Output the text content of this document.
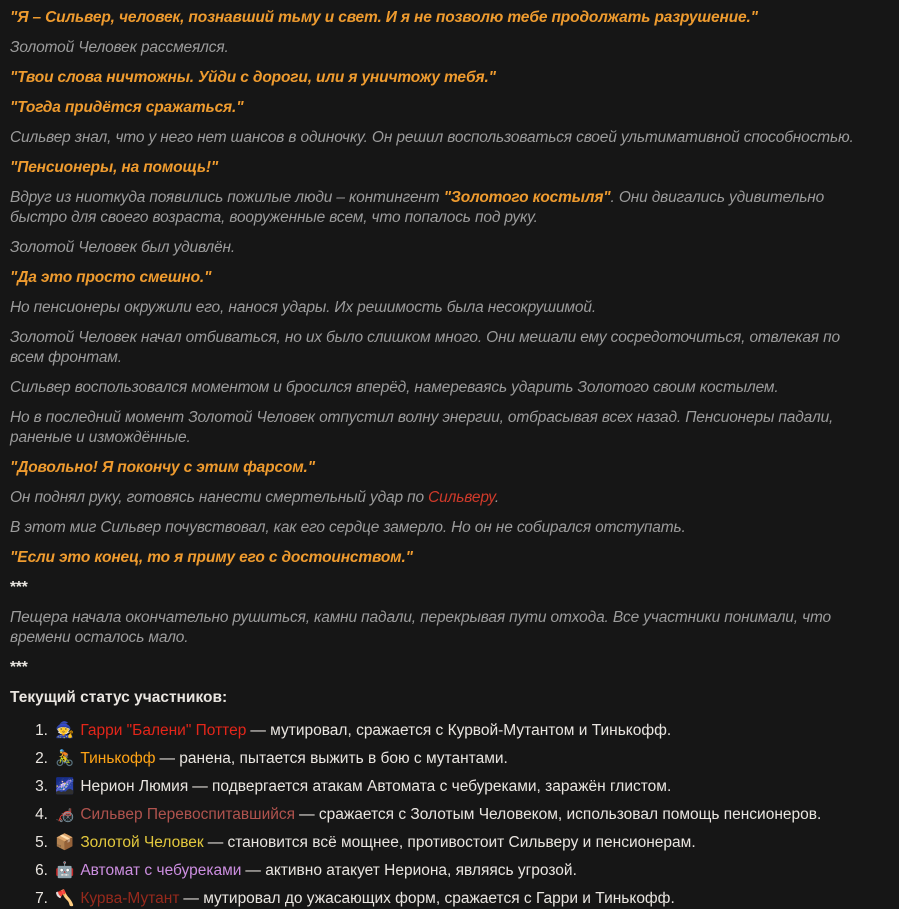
"Я – Сильвер, человек, познавший тьму и свет. И я не позволю тебе продолжать разрушение."

Золотой Человек рассмеялся.

"Твои слова ничтожны. Уйди с дороги, или я уничтожу тебя."

"Тогда придётся сражаться."

Сильвер знал, что у него нет шансов в одиночку. Он решил воспользоваться своей ультимативной способностью.

"Пенсионеры, на помощь!"

Вдруг из ниоткуда появились пожилые люди – контингент "Золотого костыля". Они двигались удивительно быстро для своего возраста, вооруженные всем, что попалось под руку.

Золотой Человек был удивлён.

"Да это просто смешно."

Но пенсионеры окружили его, нанося удары. Их решимость была несокрушимой.

Золотой Человек начал отбиваться, но их было слишком много. Они мешали ему сосредоточиться, отвлекая по всем фронтам.

Сильвер воспользовался моментом и бросился вперёд, намереваясь ударить Золотого своим костылем.

Но в последний момент Золотой Человек отпустил волну энергии, отбрасывая всех назад. Пенсионеры падали, раненые и измождённые.

"Довольно! Я покончу с этим фарсом."

Он поднял руку, готовясь нанести смертельный удар по Сильверу.

В этот миг Сильвер почувствовал, как его сердце замерло. Но он не собирался отступать.

"Если это конец, то я приму его с достоинством."

***

Пещера начала окончательно рушиться, камни падали, перекрывая пути отхода. Все участники понимали, что времени осталось мало.

***

Текущий статус участников:
1. 🧙 Гарри "Балени" Поттер — мутировал, сражается с Курвой-Мутантом и Тинькофф.
2. 🚴 Тинькофф — ранена, пытается выжить в бою с мутантами.
3. 🌌 Нерион Люмия — подвергается атакам Автомата с чебуреками, заражён глистом.
4. 🦽 Сильвер Перевоспитавшийся — сражается с Золотым Человеком, использовал помощь пенсионеров.
5. 📦 Золотой Человек — становится всё мощнее, противостоит Сильверу и пенсионерам.
6. 🤖 Автомат с чебуреками — активно атакует Нериона, являясь угрозой.
7. 🪓 Курва-Мутант — мутировал до ужасающих форм, сражается с Гарри и Тинькофф.
